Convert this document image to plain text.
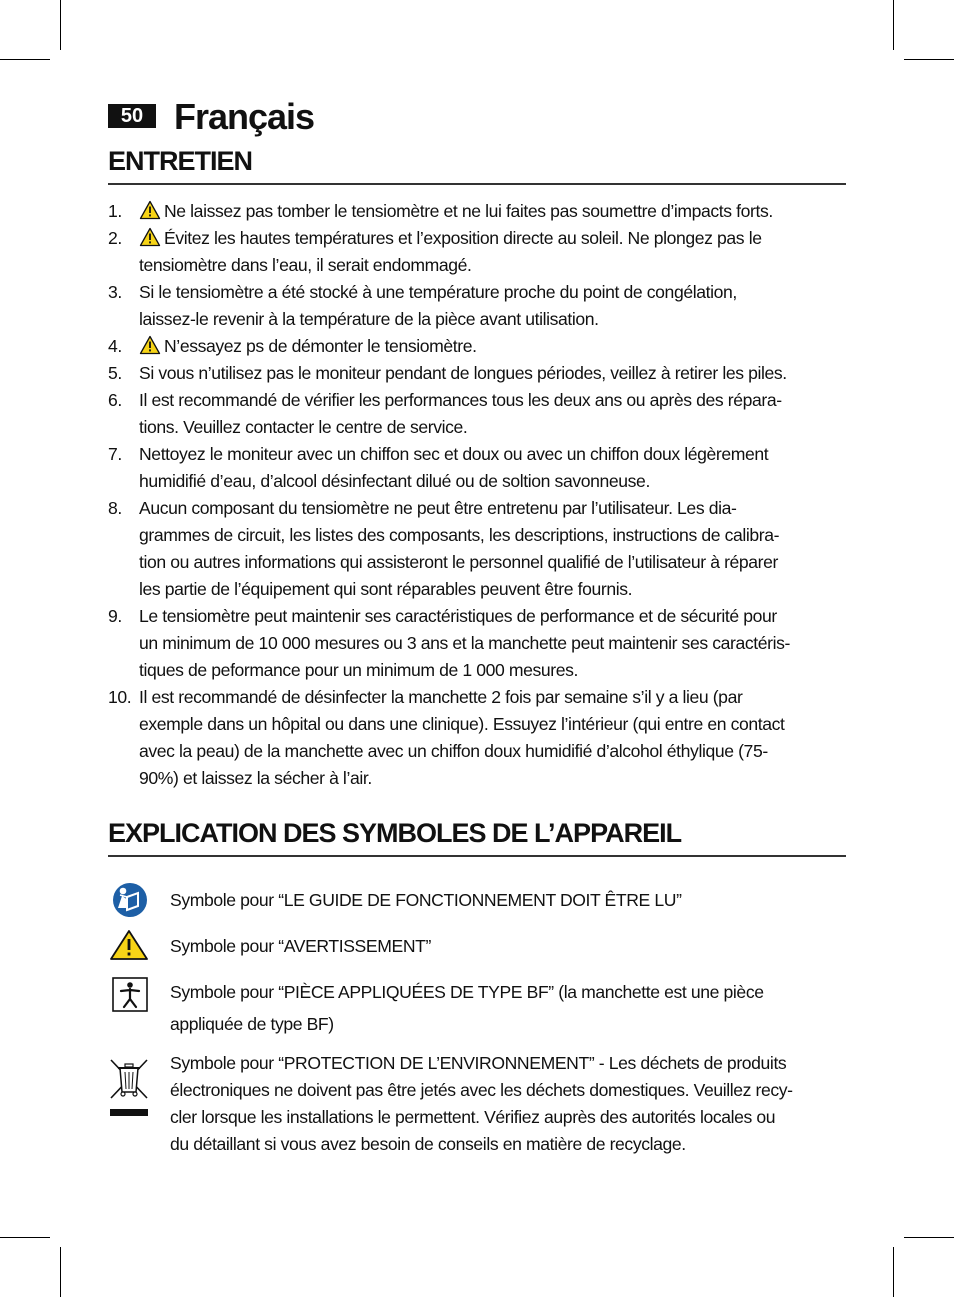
50 Français
ENTRETIEN
1.	Ne laissez pas tomber le tensiomètre et ne lui faites pas soumettre d’impacts forts.
2.	Évitez les hautes températures et l’exposition directe au soleil. Ne plongez pas le
tensiomètre dans l’eau, il serait endommagé.
3. Si le tensiomètre a été stocké à une température proche du point de congélation,
laissez-le revenir à la température de la pièce avant utilisation.
4.	N’essayez ps de démonter le tensiomètre.
5. Si vous n’utilisez pas le moniteur pendant de longues périodes, veillez à retirer les piles.
6. Il est recommandé de vérifier les performances tous les deux ans ou après des répara-
tions. Veuillez contacter le centre de service.
7. Nettoyez le moniteur avec un chiffon sec et doux ou avec un chiffon doux légèrement
humidifié d’eau, d’alcool désinfectant dilué ou de soltion savonneuse.
8. Aucun composant du tensiomètre ne peut être entretenu par l’utilisateur. Les dia-
grammes de circuit, les listes des composants, les descriptions, instructions de calibra-
tion ou autres informations qui assisteront le personnel qualifié de l’utilisateur à réparer
les partie de l’équipement qui sont réparables peuvent être fournis.
9. Le tensiomètre peut maintenir ses caractéristiques de performance et de sécurité pour
un minimum de 10 000 mesures ou 3 ans et la manchette peut maintenir ses caractéris-
tiques de peformance pour un minimum de 1 000 mesures.
10. Il est recommandé de désinfecter la manchette 2 fois par semaine s’il y a lieu (par
exemple dans un hôpital ou dans une clinique). Essuyez l’intérieur (qui entre en contact
avec la peau) de la manchette avec un chiffon doux humidifié d’alcohol éthylique (75-
90%) et laissez la sécher à l’air.
EXPLICATION DES SYMBOLES DE L’APPAREIL
Symbole pour “LE GUIDE DE FONCTIONNEMENT DOIT ÊTRE LU”
Symbole pour “AVERTISSEMENT”
Symbole pour “PIÈCE APPLIQUÉES DE TYPE BF” (la manchette est une pièce
appliquée de type BF)
Symbole pour “PROTECTION DE L’ENVIRONNEMENT” - Les déchets de produits
électroniques ne doivent pas être jetés avec les déchets domestiques. Veuillez recy-
cler lorsque les installations le permettent. Vérifiez auprès des autorités locales ou
du détaillant si vous avez besoin de conseils en matière de recyclage.
